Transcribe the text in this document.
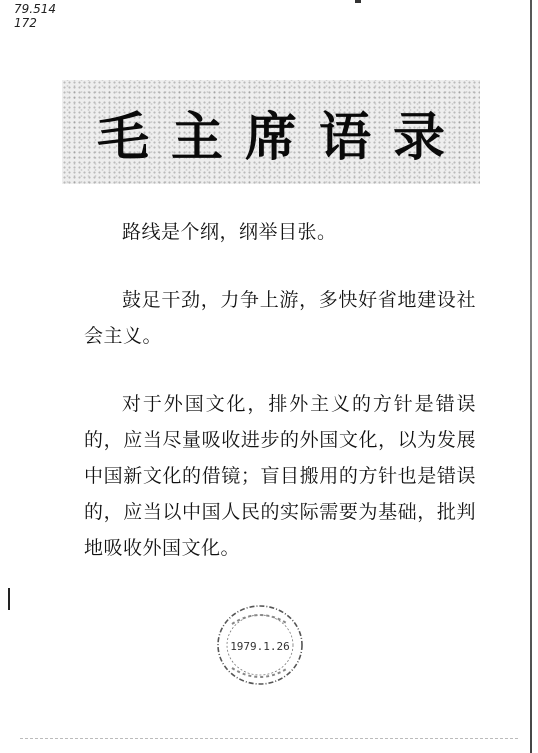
79.514
172
毛主席语录

路线是个纲，纲举目张。

鼓足干劲，力争上游，多快好省地建设社会主义。

对于外国文化，排外主义的方针是错误的，应当尽量吸收进步的外国文化，以为发展中国新文化的借镜；盲目搬用的方针也是错误的，应当以中国人民的实际需要为基础，批判地吸收外国文化。

1979.1.26
